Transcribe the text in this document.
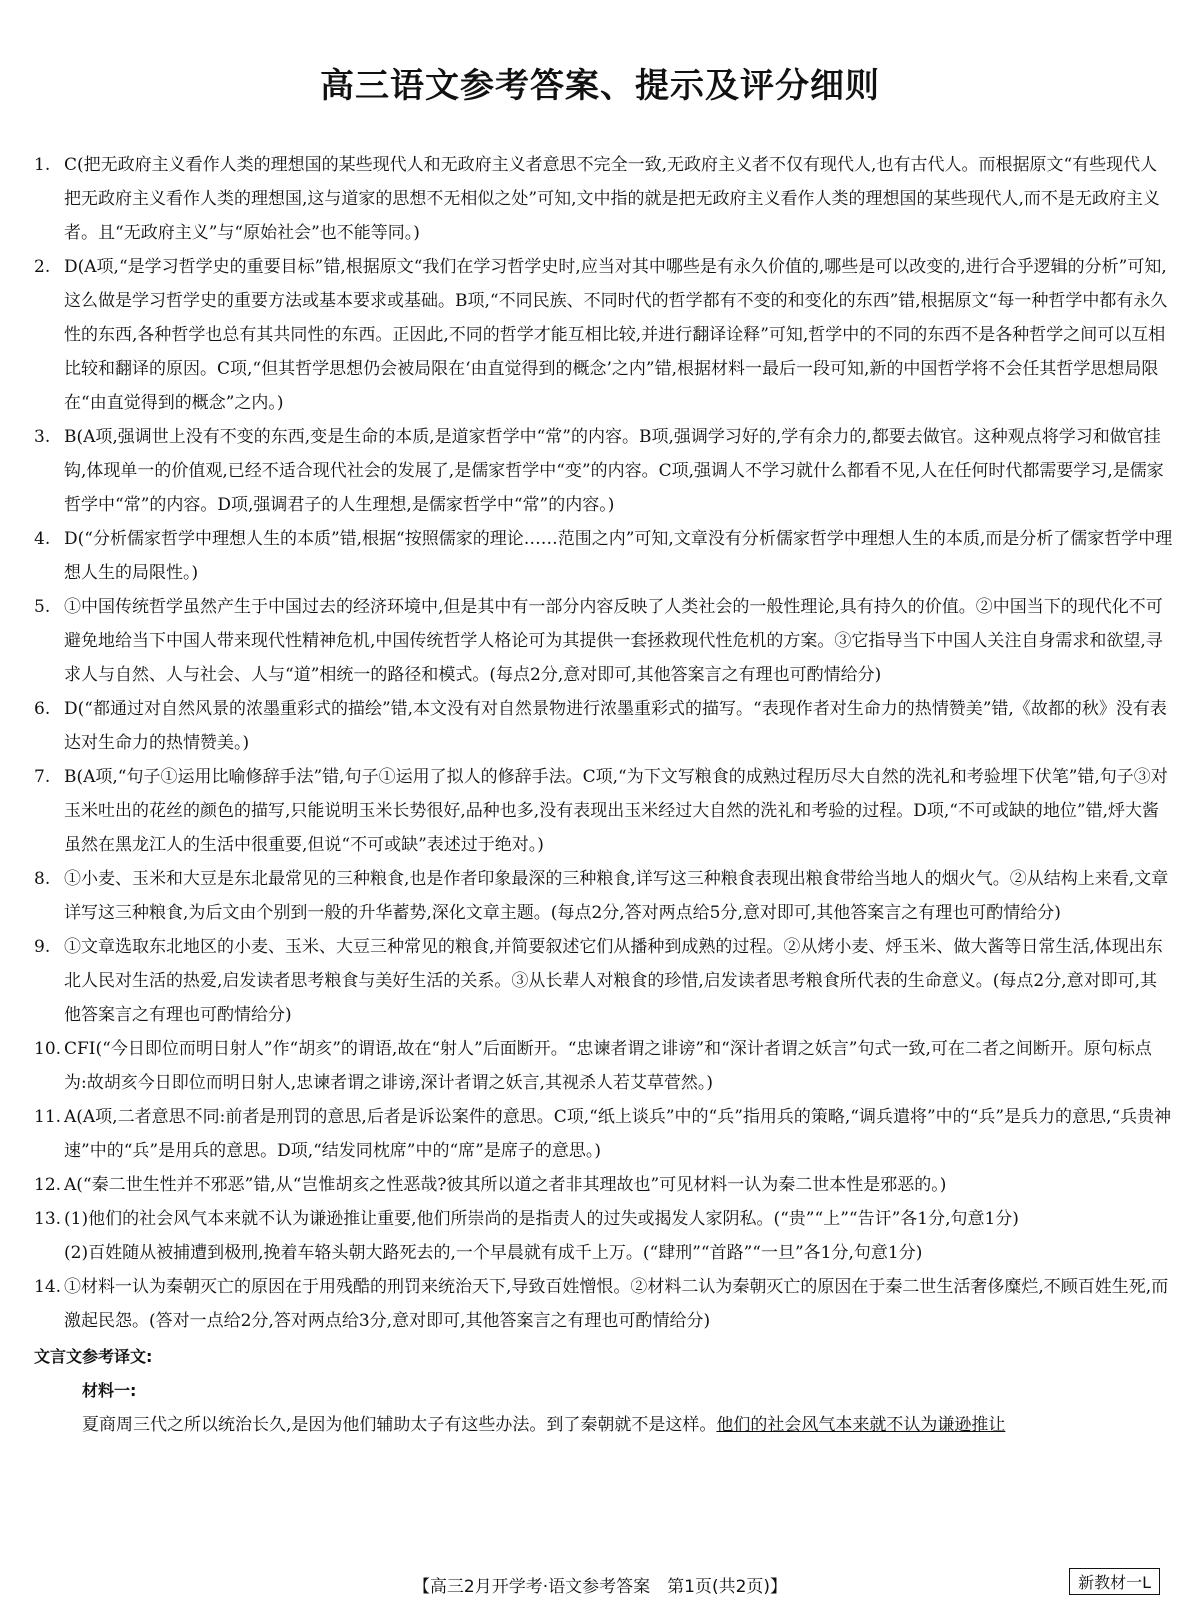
高三语文参考答案、提示及评分细则
1. C(把无政府主义看作人类的理想国的某些现代人和无政府主义者意思不完全一致,无政府主义者不仅有现代人,也有古代人。而根据原文“有些现代人把无政府主义看作人类的理想国,这与道家的思想不无相似之处”可知,文中指的就是把无政府主义看作人类的理想国的某些现代人,而不是无政府主义者。且“无政府主义”与“原始社会”也不能等同。)
2. D(A项,“是学习哲学史的重要目标”错,根据原文“我们在学习哲学史时,应当对其中哪些是有永久价值的,哪些是可以改变的,进行合乎逻辑的分析”可知,这么做是学习哲学史的重要方法或基本要求或基础。B项,“不同民族、不同时代的哲学都有不变的和变化的东西”错,根据原文“每一种哲学中都有永久性的东西,各种哲学也总有其共同性的东西。正因此,不同的哲学才能互相比较,并进行翻译诠释”可知,哲学中的不同的东西不是各种哲学之间可以互相比较和翻译的原因。C项,“但其哲学思想仍会被局限在‘由直觉得到的概念’之内”错,根据材料一最后一段可知,新的中国哲学将不会任其哲学思想局限在“由直觉得到的概念”之内。)
3. B(A项,强调世上没有不变的东西,变是生命的本质,是道家哲学中“常”的内容。B项,强调学习好的,学有余力的,都要去做官。这种观点将学习和做官挂钩,体现单一的价值观,已经不适合现代社会的发展了,是儒家哲学中“变”的内容。C项,强调人不学习就什么都看不见,人在任何时代都需要学习,是儒家哲学中“常”的内容。D项,强调君子的人生理想,是儒家哲学中“常”的内容。)
4. D(“分析儒家哲学中理想人生的本质”错,根据“按照儒家的理论……范围之内”可知,文章没有分析儒家哲学中理想人生的本质,而是分析了儒家哲学中理想人生的局限性。)
5. ①中国传统哲学虽然产生于中国过去的经济环境中,但是其中有一部分内容反映了人类社会的一般性理论,具有持久的价值。②中国当下的现代化不可避免地给当下中国人带来现代性精神危机,中国传统哲学人格论可为其提供一套拯救现代性危机的方案。③它指导当下中国人关注自身需求和欲望,寻求人与自然、人与社会、人与“道”相统一的路径和模式。(每点2分,意对即可,其他答案言之有理也可酌情给分)
6. D(“都通过对自然风景的浓墨重彩式的描绘”错,本文没有对自然景物进行浓墨重彩式的描写。“表现作者对生命力的热情赞美”错,《故都的秋》没有表达对生命力的热情赞美。)
7. B(A项,“句子①运用比喻修辞手法”错,句子①运用了拟人的修辞手法。C项,“为下文写粮食的成熟过程历尽大自然的洗礼和考验埋下伏笔”错,句子③对玉米吐出的花丝的颜色的描写,只能说明玉米长势很好,品种也多,没有表现出玉米经过大自然的洗礼和考验的过程。D项,“不可或缺的地位”错,烀大酱虽然在黑龙江人的生活中很重要,但说“不可或缺”表述过于绝对。)
8. ①小麦、玉米和大豆是东北最常见的三种粮食,也是作者印象最深的三种粮食,详写这三种粮食表现出粮食带给当地人的烟火气。②从结构上来看,文章详写这三种粮食,为后文由个别到一般的升华蓄势,深化文章主题。(每点2分,答对两点给5分,意对即可,其他答案言之有理也可酌情给分)
9. ①文章选取东北地区的小麦、玉米、大豆三种常见的粮食,并简要叙述它们从播种到成熟的过程。②从烤小麦、烀玉米、做大酱等日常生活,体现出东北人民对生活的热爱,启发读者思考粮食与美好生活的关系。③从长辈人对粮食的珍惜,启发读者思考粮食所代表的生命意义。(每点2分,意对即可,其他答案言之有理也可酌情给分)
10. CFI(“今日即位而明日射人”作“胡亥”的谓语,故在“射人”后面断开。“忠谏者谓之诽谤”和“深计者谓之妖言”句式一致,可在二者之间断开。原句标点为:故胡亥今日即位而明日射人,忠谏者谓之诽谤,深计者谓之妖言,其视杀人若艾草菅然。)
11. A(A项,二者意思不同:前者是刑罚的意思,后者是诉讼案件的意思。C项,“纸上谈兵”中的“兵”指用兵的策略,“调兵遣将”中的“兵”是兵力的意思,“兵贵神速”中的“兵”是用兵的意思。D项,“结发同枕席”中的“席”是席子的意思。)
12. A(“秦二世生性并不邪恶”错,从“岂惟胡亥之性恶哉?彼其所以道之者非其理故也”可见材料一认为秦二世本性是邪恶的。)
13. (1)他们的社会风气本来就不认为谦逊推让重要,他们所崇尚的是指责人的过失或揭发人家阴私。(“贵”“上”“告讦”各1分,句意1分)
(2)百姓随从被捕遭到极刑,挽着车辂头朝大路死去的,一个早晨就有成千上万。(“肆刑”“首路”“一旦”各1分,句意1分)
14. ①材料一认为秦朝灭亡的原因在于用残酷的刑罚来统治天下,导致百姓憎恨。②材料二认为秦朝灭亡的原因在于秦二世生活奢侈糜烂,不顾百姓生死,而激起民怨。(答对一点给2分,答对两点给3分,意对即可,其他答案言之有理也可酌情给分)
文言文参考译文:
材料一:
夏商周三代之所以统治长久,是因为他们辅助太子有这些办法。到了秦朝就不是这样。他们的社会风气本来就不认为谦逊推让
【高三2月开学考·语文参考答案　第1页(共2页)】	新教材一L
